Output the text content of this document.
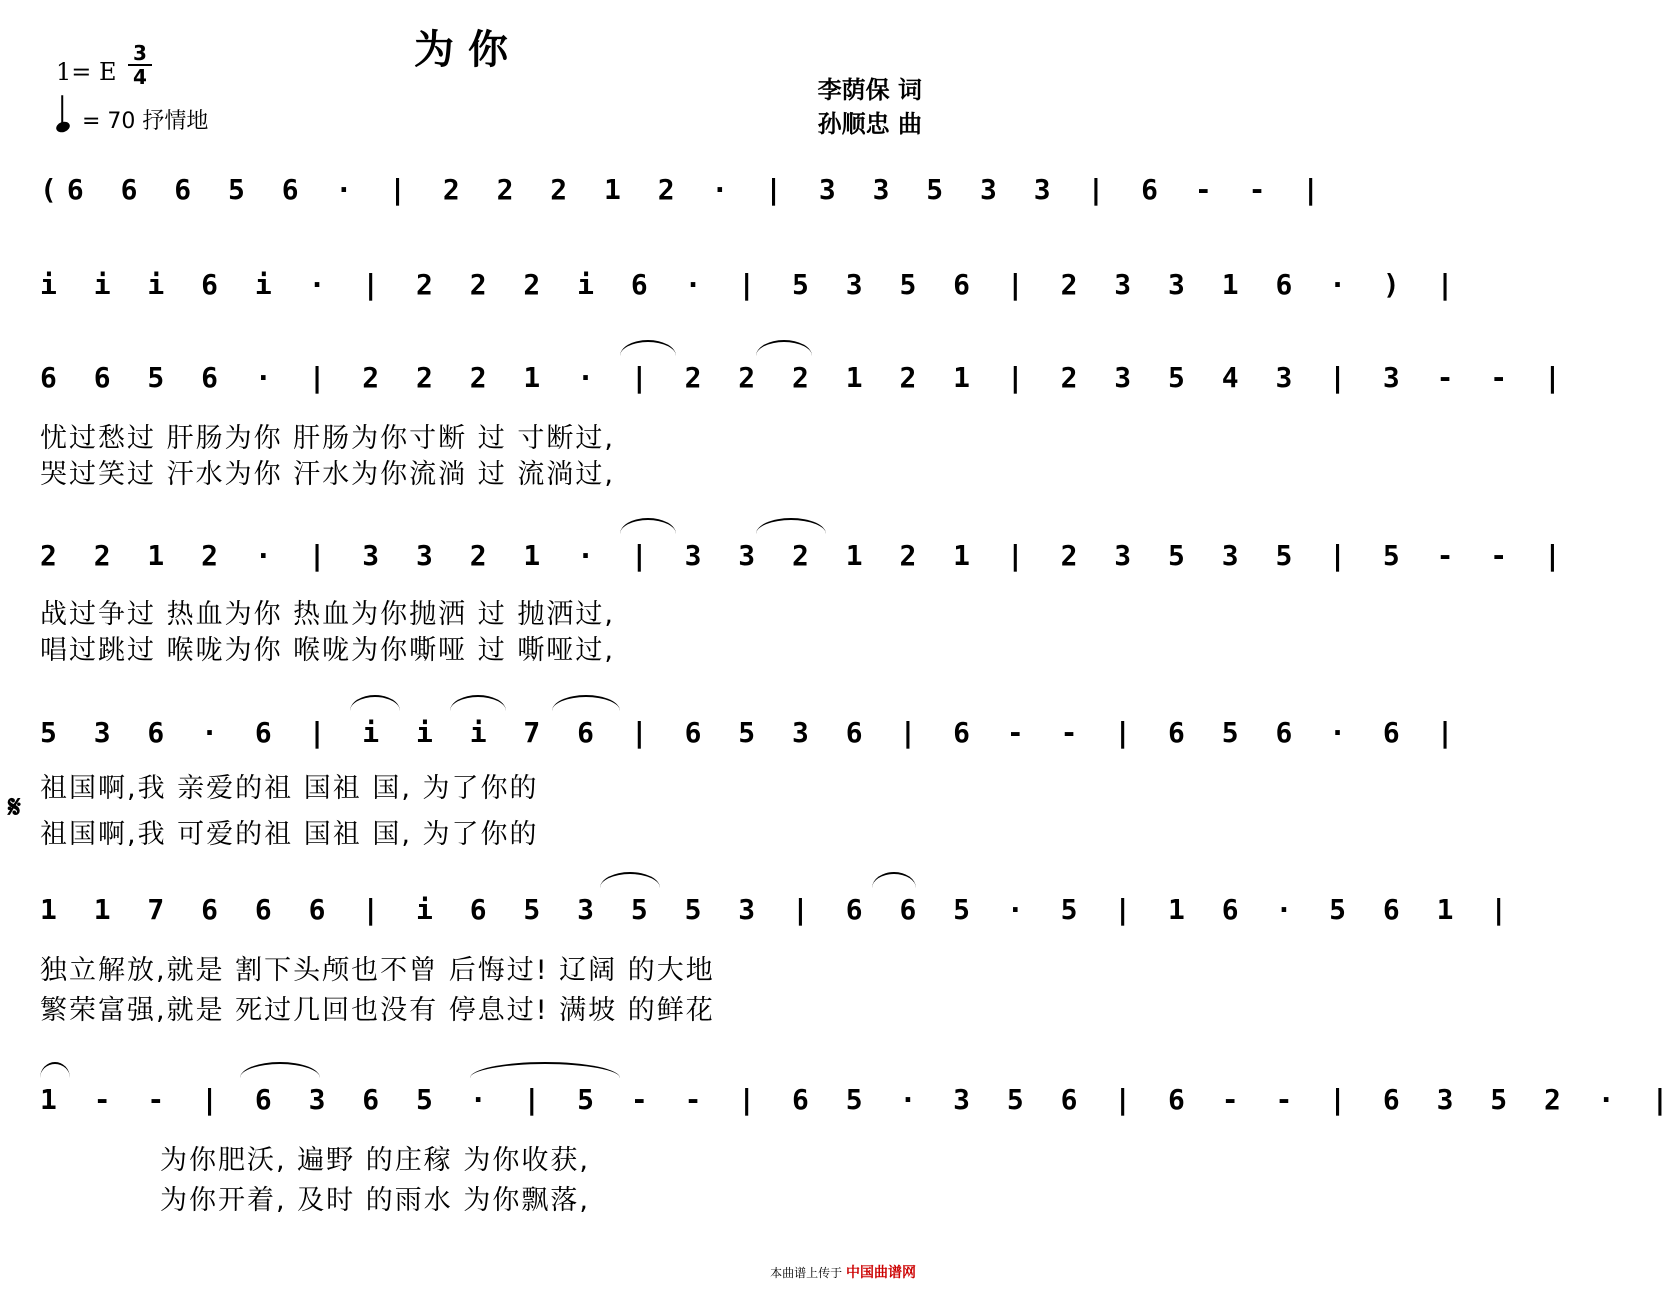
为你
1= E $\frac{3}{4}$
= 70 抒情地
李荫保 词
孙顺忠 曲
(6 6 6 5 6 · | 2 2 2 1 2 · | 3 3 5 3 3 | 6 - - |
i i i 6 i · | 2 2 2 i 6 · | 5 3 5 6 | 2 3 3 1 6 · ) |
6 6 5 6 · | 2 2 2 1 · | 2 2 2 1 2 1 | 2 3 5 4 3 | 3 - - |
忧过愁过 肝肠为你 肝肠为你寸断 过 寸断过,
哭过笑过 汗水为你 汗水为你流淌 过 流淌过,
2 2 1 2 · | 3 3 2 1 · | 3 3 2 1 2 1 | 2 3 5 3 5 | 5 - - |
战过争过 热血为你 热血为你抛洒 过 抛洒过,
唱过跳过 喉咙为你 喉咙为你嘶哑 过 嘶哑过,
5 3 6 · 6 | i i i 7 6 | 6 5 3 6 | 6 - - | 6 5 6 · 6 |
𝄋
祖国啊,我 亲爱的祖 国祖 国, 为了你的
祖国啊,我 可爱的祖 国祖 国, 为了你的
1 1 7 6 6 6 | i 6 5 3 5 5 3 | 6 6 5 · 5 | 1 6 · 5 6 1 |
独立解放,就是 割下头颅也不曾 后悔过! 辽阔 的大地
繁荣富强,就是 死过几回也没有 停息过! 满坡 的鲜花
1 - - | 6 3 6 5 · | 5 - - | 6 5 · 3 5 6 | 6 - - | 6 3 5 2 · |
为你肥沃, 遍野 的庄稼 为你收获,
为你开着, 及时 的雨水 为你飘落,
本曲谱上传于 中国曲谱网
